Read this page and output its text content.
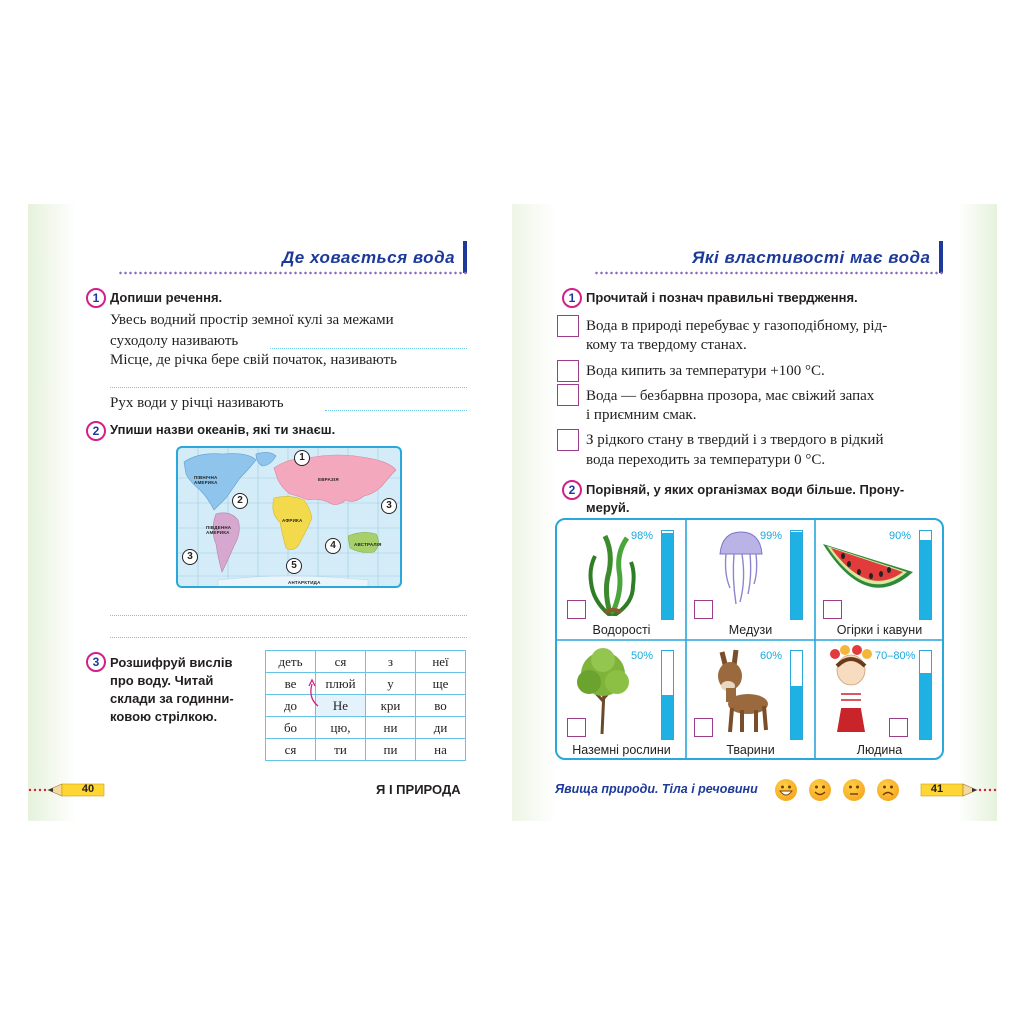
Де ховається вода
1 Допиши речення.
Увесь водний простір земної кулі за межами
суходолу називають
Місце, де річка бере свій початок, називають
Рух води у річці називають
2 Упиши назви океанів, які ти знаєш.
ПІВНІЧНА АМЕРИКА
ПІВДЕННА АМЕРИКА
ЕВРАЗІЯ
АФРИКА
АВСТРАЛІЯ
АНТАРКТИДА
1
2	3
3
4
5
3 Розшифруй вислів
про воду. Читай
склади за годинни-
ковою стрілкою.
деть	ся	з	неї
ве	плюй	у	ще
до	Не	кри	во
бо	цю,	ни	ди
ся	ти	пи	на
40	Я І ПРИРОДА
Які властивості має вода
1 Прочитай і познач правильні твердження.
Вода в природі перебуває у газоподібному, рід-
кому та твердому станах.
Вода кипить за температури +100 °С.
Вода — безбарвна прозора, має свіжий запах
і приємним смак.
З рідкого стану в твердий і з твердого в рідкий
вода переходить за температури 0 °С.
2 Порівняй, у яких організмах води більше. Прону-
меруй.
98%
Водорості
99%
Медузи
90%
Огірки і кавуни
50%
Наземні рослини
60%
Тварини
70–80%
Людина
Явища природи. Тіла і речовини	41
